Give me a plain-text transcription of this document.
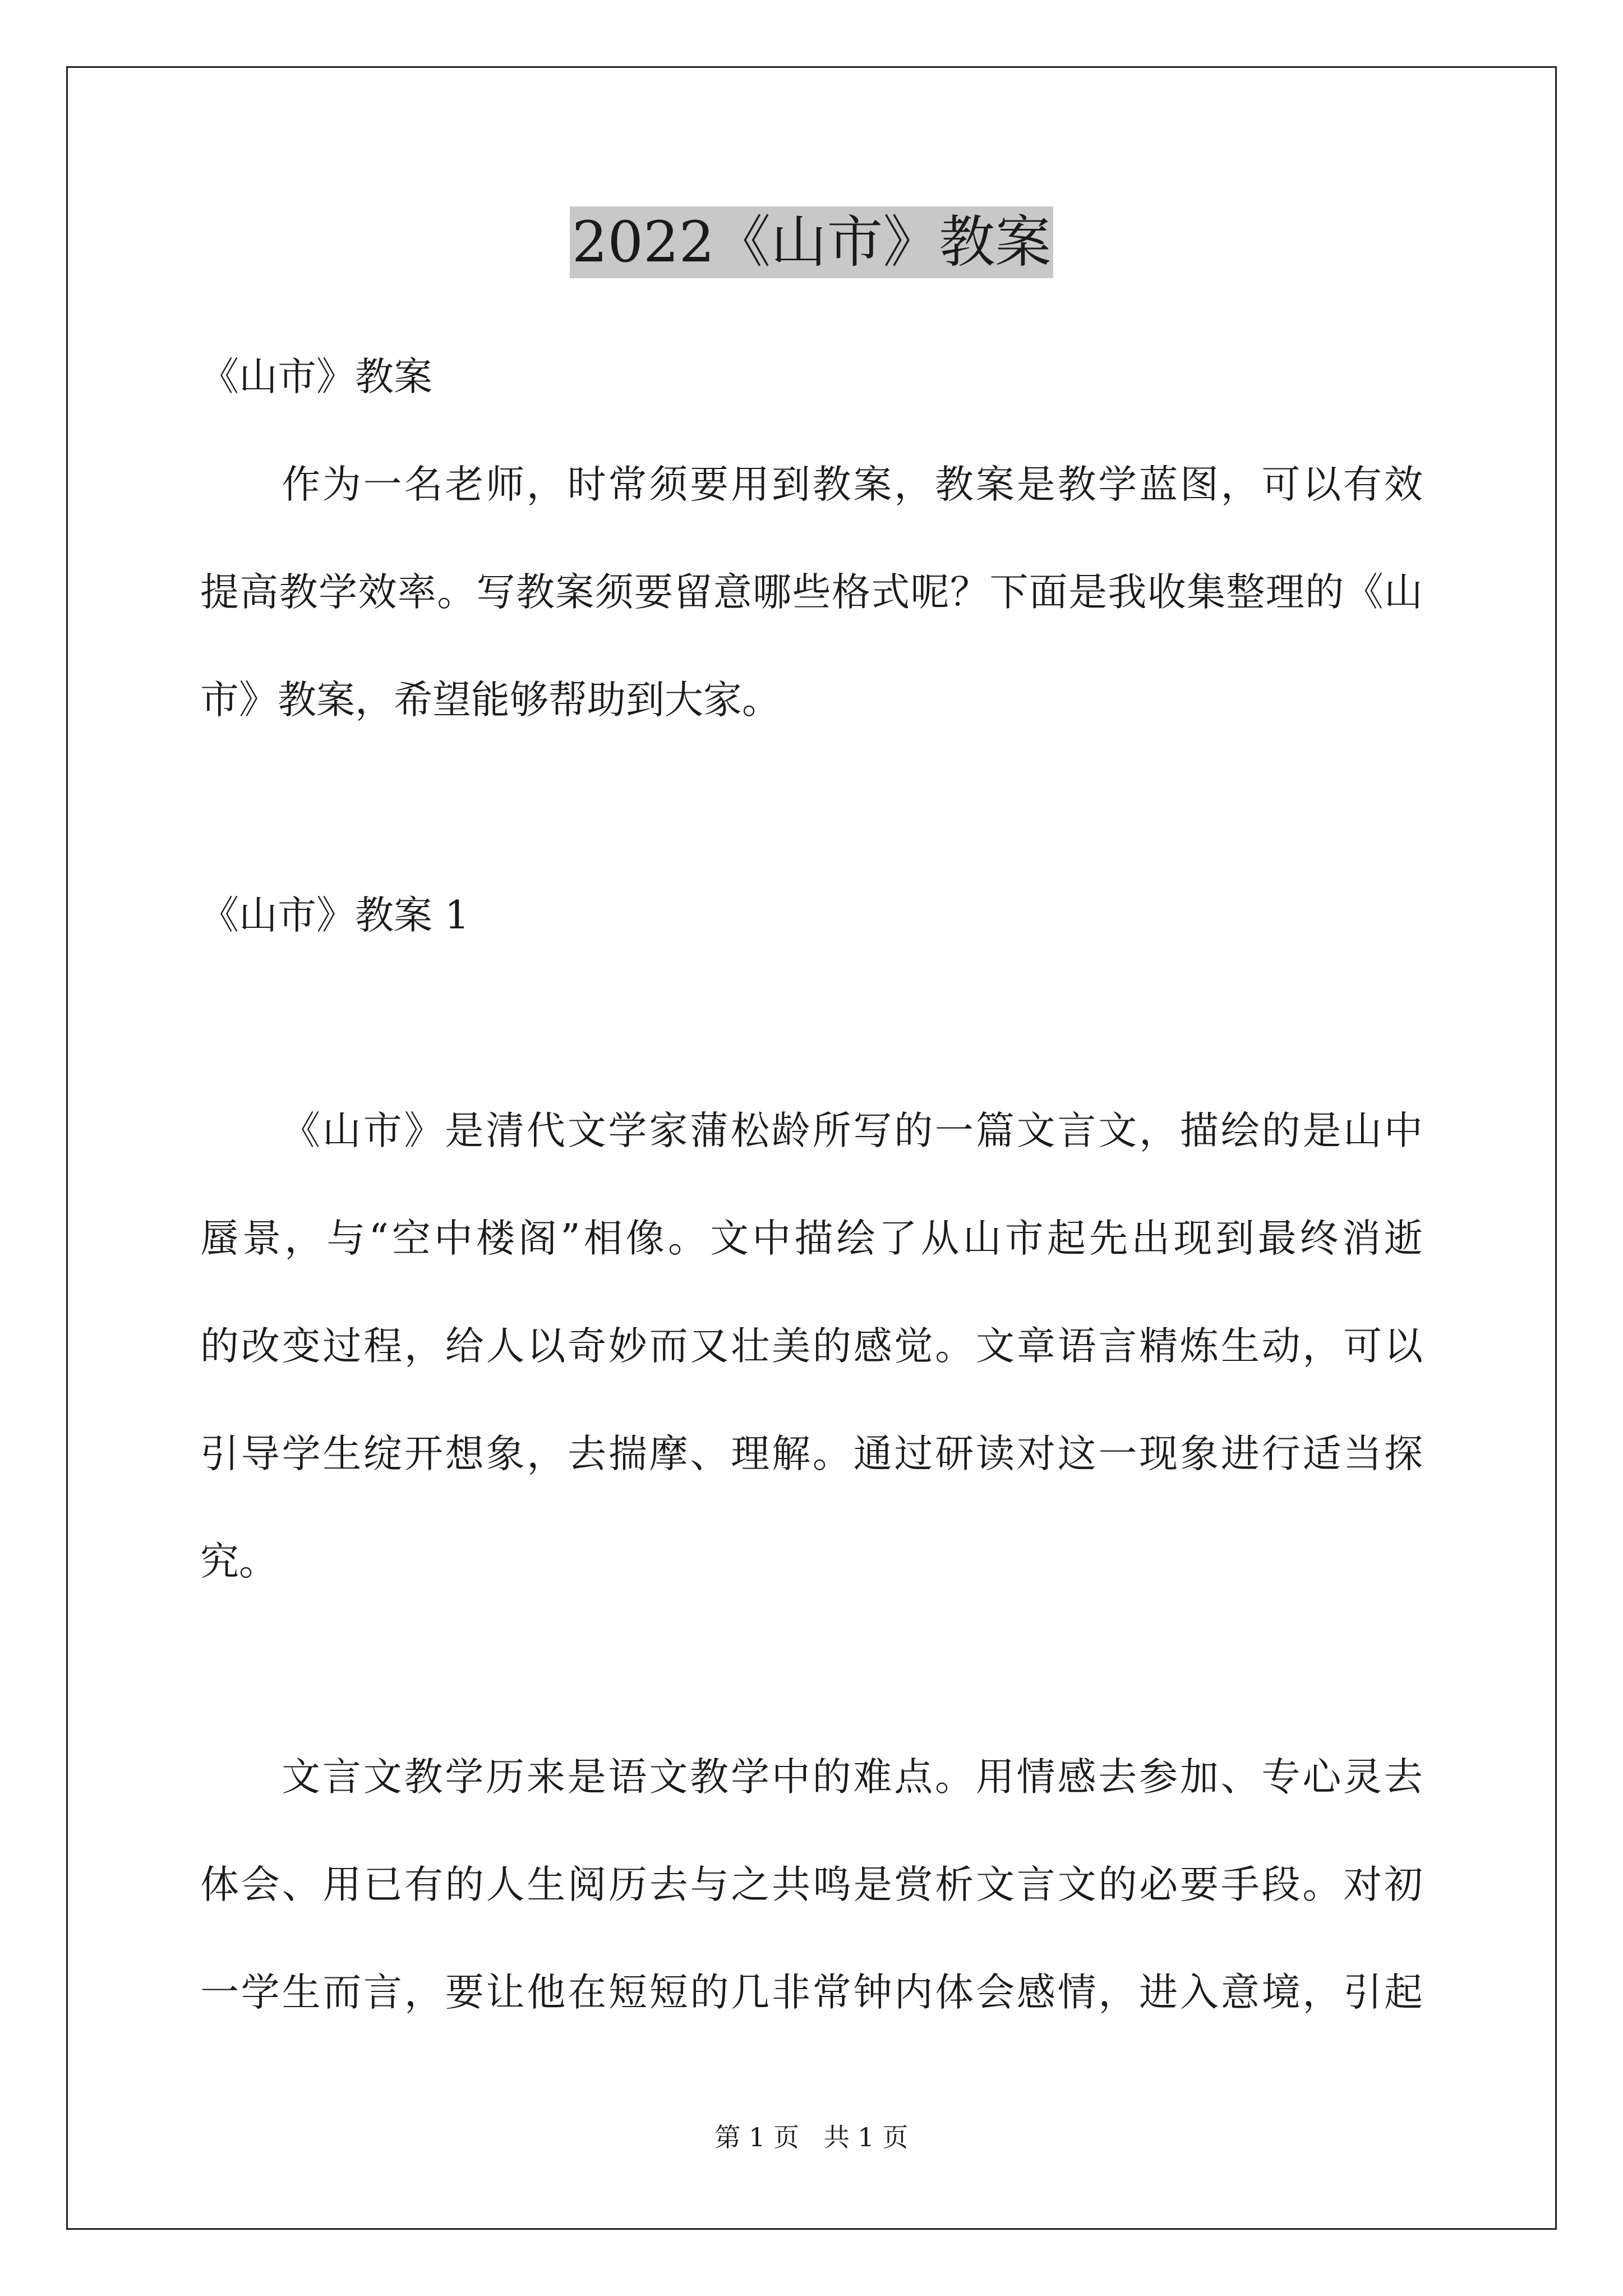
2022《山市》教案
《山市》教案
作为一名老师，时常须要用到教案，教案是教学蓝图，可以有效
提高教学效率。写教案须要留意哪些格式呢？下面是我收集整理的《山
市》教案，希望能够帮助到大家。
《山市》教案 1
《山市》是清代文学家蒲松龄所写的一篇文言文，描绘的是山中
蜃景，与“空中楼阁”相像。文中描绘了从山市起先出现到最终消逝
的改变过程，给人以奇妙而又壮美的感觉。文章语言精炼生动，可以
引导学生绽开想象，去揣摩、理解。通过研读对这一现象进行适当探
究。
文言文教学历来是语文教学中的难点。用情感去参加、专心灵去
体会、用已有的人生阅历去与之共鸣是赏析文言文的必要手段。对初
一学生而言，要让他在短短的几非常钟内体会感情，进入意境，引起
第 1 页   共 1 页
